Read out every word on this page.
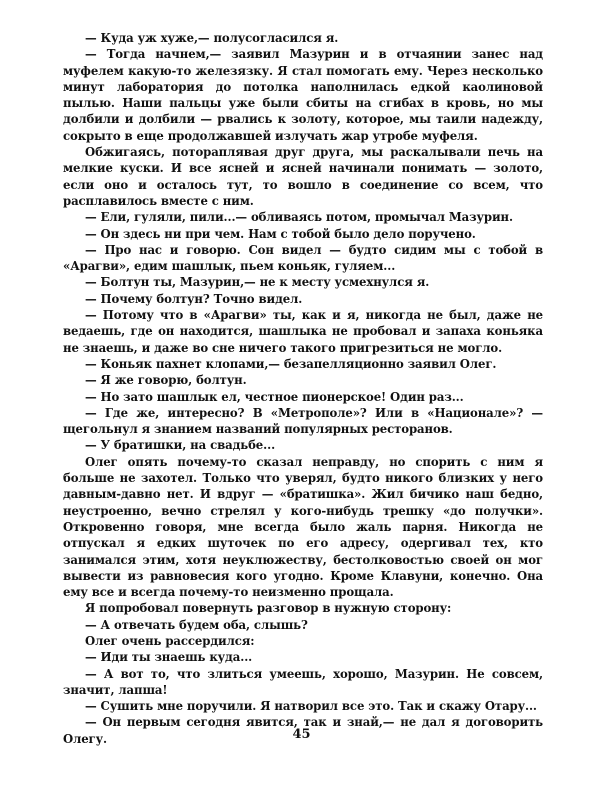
— Куда уж хуже,— полусогласился я.

— Тогда начнем,— заявил Мазурин и в отчаянии занес над муфелем какую-то железязку. Я стал помогать ему. Через несколько минут лаборатория до потолка наполнилась едкой каолиновой пылью. Наши пальцы уже были сбиты на сгибах в кровь, но мы долбили и долбили — рвались к золоту, которое, мы таили надежду, сокрыто в еще продолжавшей излучать жар утробе муфеля.

Обжигаясь, потораплявая друг друга, мы раскалывали печь на мелкие куски. И все ясней и ясней начинали понимать — золото, если оно и осталось тут, то вошло в соединение со всем, что расплавилось вместе с ним.

— Ели, гуляли, пили...— обливаясь потом, промычал Мазурин.

— Он здесь ни при чем. Нам с тобой было дело поручено.

— Про нас и говорю. Сон видел — будто сидим мы с тобой в «Арагви», едим шашлык, пьем коньяк, гуляем...

— Болтун ты, Мазурин,— не к месту усмехнулся я.

— Почему болтун? Точно видел.

— Потому что в «Арагви» ты, как и я, никогда не был, даже не ведаешь, где он находится, шашлыка не пробовал и запаха коньяка не знаешь, и даже во сне ничего такого пригрезиться не могло.

— Коньяк пахнет клопами,— безапелляционно заявил Олег.

— Я же говорю, болтун.

— Но зато шашлык ел, честное пионерское! Один раз...

— Где же, интересно? В «Метрополе»? Или в «Национале»? — щегольнул я знанием названий популярных ресторанов.

— У братишки, на свадьбе...

Олег опять почему-то сказал неправду, но спорить с ним я больше не захотел. Только что уверял, будто никого близких у него давным-давно нет. И вдруг — «братишка». Жил бичико наш бедно, неустроенно, вечно стрелял у кого-нибудь трешку «до получки». Откровенно говоря, мне всегда было жаль парня. Никогда не отпускал я едких шуточек по его адресу, одергивал тех, кто занимался этим, хотя неуклюжеству, бестолковостью своей он мог вывести из равновесия кого угодно. Кроме Клавуни, конечно. Она ему все и всегда почему-то неизменно прощала.

Я попробовал повернуть разговор в нужную сторону:

— А отвечать будем оба, слышь?

Олег очень рассердился:

— Иди ты знаешь куда...

— А вот то, что злиться умеешь, хорошо, Мазурин. Не совсем, значит, лапша!

— Сушить мне поручили. Я натворил все это. Так и скажу Отару...

— Он первым сегодня явится, так и знай,— не дал я договорить Олегу.	45
